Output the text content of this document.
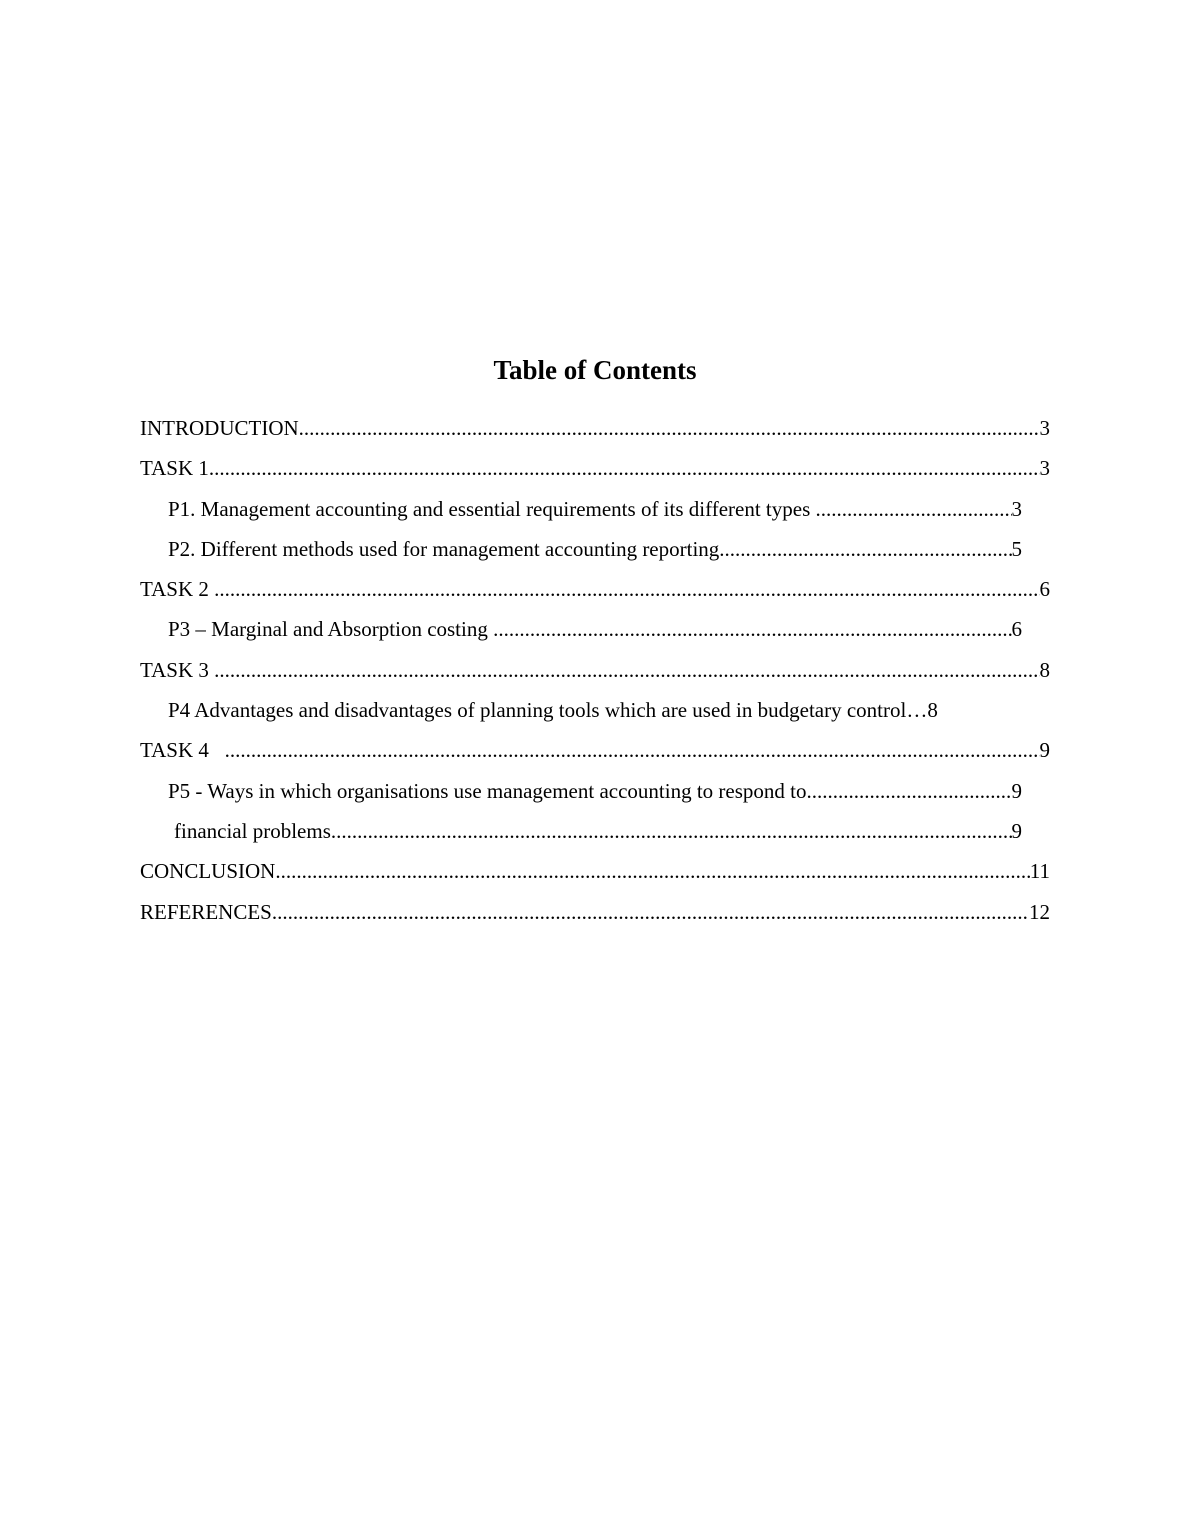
Table of Contents
INTRODUCTION .....	3
TASK 1 .....	3
P1. Management accounting and essential requirements of its different types .....	3
P2. Different methods used for management accounting reporting .....	5
TASK 2 .....	6
P3 – Marginal and Absorption costing .....	6
TASK 3 .....	8
P4 Advantages and disadvantages of planning tools which are used in budgetary control… 8
TASK 4 .....	9
P5 - Ways in which organisations use management accounting to respond to .....	9
financial problems .....	9
CONCLUSION .....	11
REFERENCES .....	12
